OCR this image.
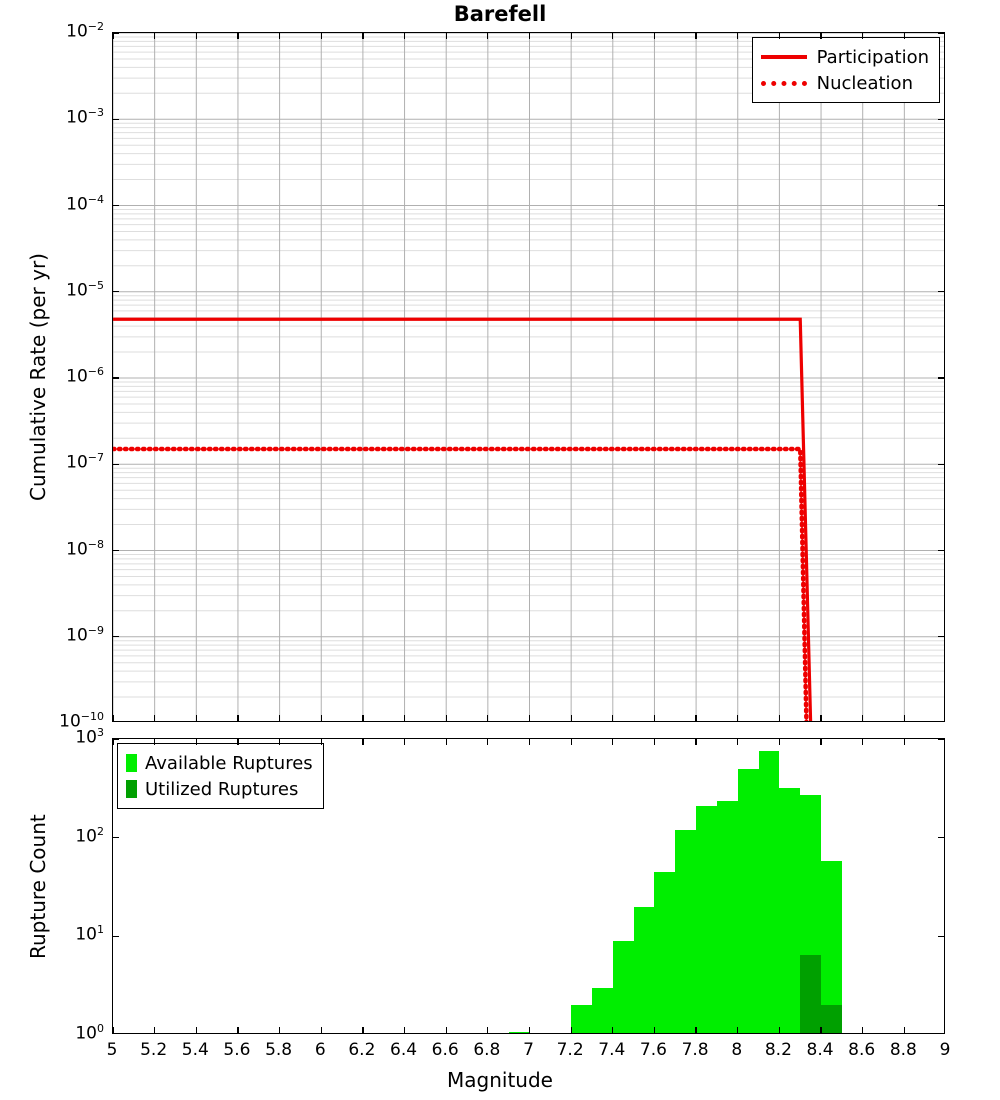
Barefell
Cumulative Rate (per yr)
Participation
Nucleation
Rupture Count
Available Ruptures
Utilized Ruptures
$10^{-10}$
$10^{-9}$
$10^{-8}$
$10^{-7}$
$10^{-6}$
$10^{-5}$
$10^{-4}$
$10^{-3}$
$10^{-2}$
$10^0$
$10^1$
$10^2$
$10^3$
5	5.2 5.4 5.6 5.8	6	6.2 6.4 6.6 6.8	7	7.2 7.4 7.6 7.8	8	8.2 8.4 8.6 8.8	9
Magnitude
